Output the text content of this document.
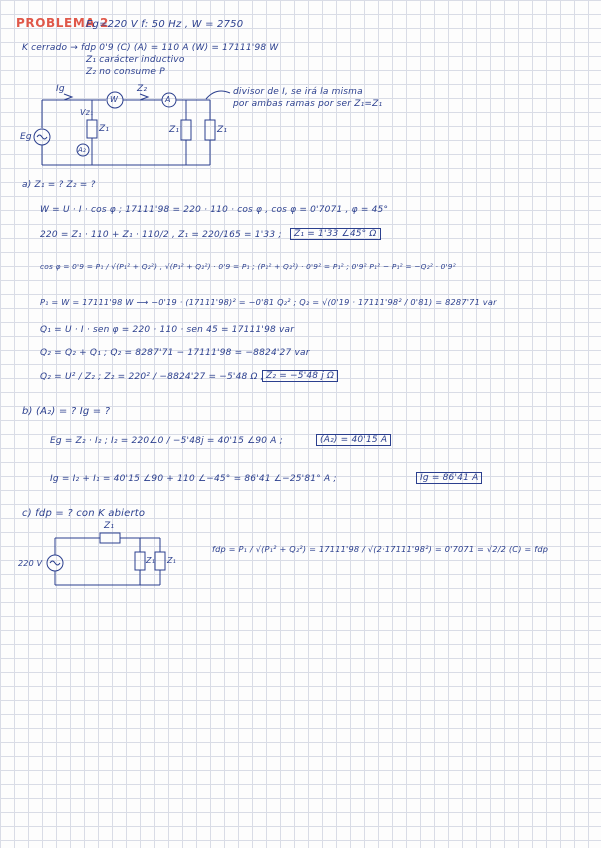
PROBLEMA 2
Eg=220 V f: 50 Hz , W = 2750
K cerrado → fdp 0'9 (C) (A) = 110 A (W) = 17111'98 W
Z₁ carácter inductivo
Z₂ no consume P
Ig
W
Z₂
A
Vz₁
Z₁	Z₁	Z₁
Eg
A₂
divisor de I, se irá la misma
por ambas ramas por ser Z₁=Z₁
a) Z₁ = ? Z₂ = ?
W = U · I · cos φ ; 17111'98 = 220 · 110 · cos φ , cos φ = 0'7071 , φ = 45°
220 = Z₁ · 110 + Z₁ · 110/2 , Z₁ = 220/165 = 1'33 ;	Z₁ = 1'33 ∠45° Ω
cos φ = 0'9 = P₁ / √(P₁² + Q₂²) , √(P₁² + Q₂²) · 0'9 = P₁ ; (P₁² + Q₂²) · 0'9² = P₁² ; 0'9² P₁² − P₁² = −Q₂² · 0'9²
P₁ = W = 17111'98 W ⟶ −0'19 · (17111'98)² = −0'81 Q₂² ; Q₂ = √(0'19 · 17111'98² / 0'81) = 8287'71 var
Q₁ = U · I · sen φ = 220 · 110 · sen 45 = 17111'98 var
Q₂ = Q₂ + Q₁ ; Q₂ = 8287'71 − 17111'98 = −8824'27 var
Q₂ = U² / Z₂ ; Z₂ = 220² / −8824'27 = −5'48 Ω ; Z₂ = −5'48 j Ω
b) (A₂) = ? Ig = ?
Eg = Z₂ · I₂ ; I₂ = 220∠0 / −5'48j = 40'15 ∠90 A ;	(A₂) = 40'15 A
Ig = I₂ + I₁ = 40'15 ∠90 + 110 ∠−45° = 86'41 ∠−25'81° A ;	Ig = 86'41 A
c) fdp = ? con K abierto
220 V
Z₁
Z₁ Z₁
fdp = P₁ / √(P₁² + Q₂²) = 17111'98 / √(2·17111'98²) = 0'7071 = √2/2 (C) = fdp
